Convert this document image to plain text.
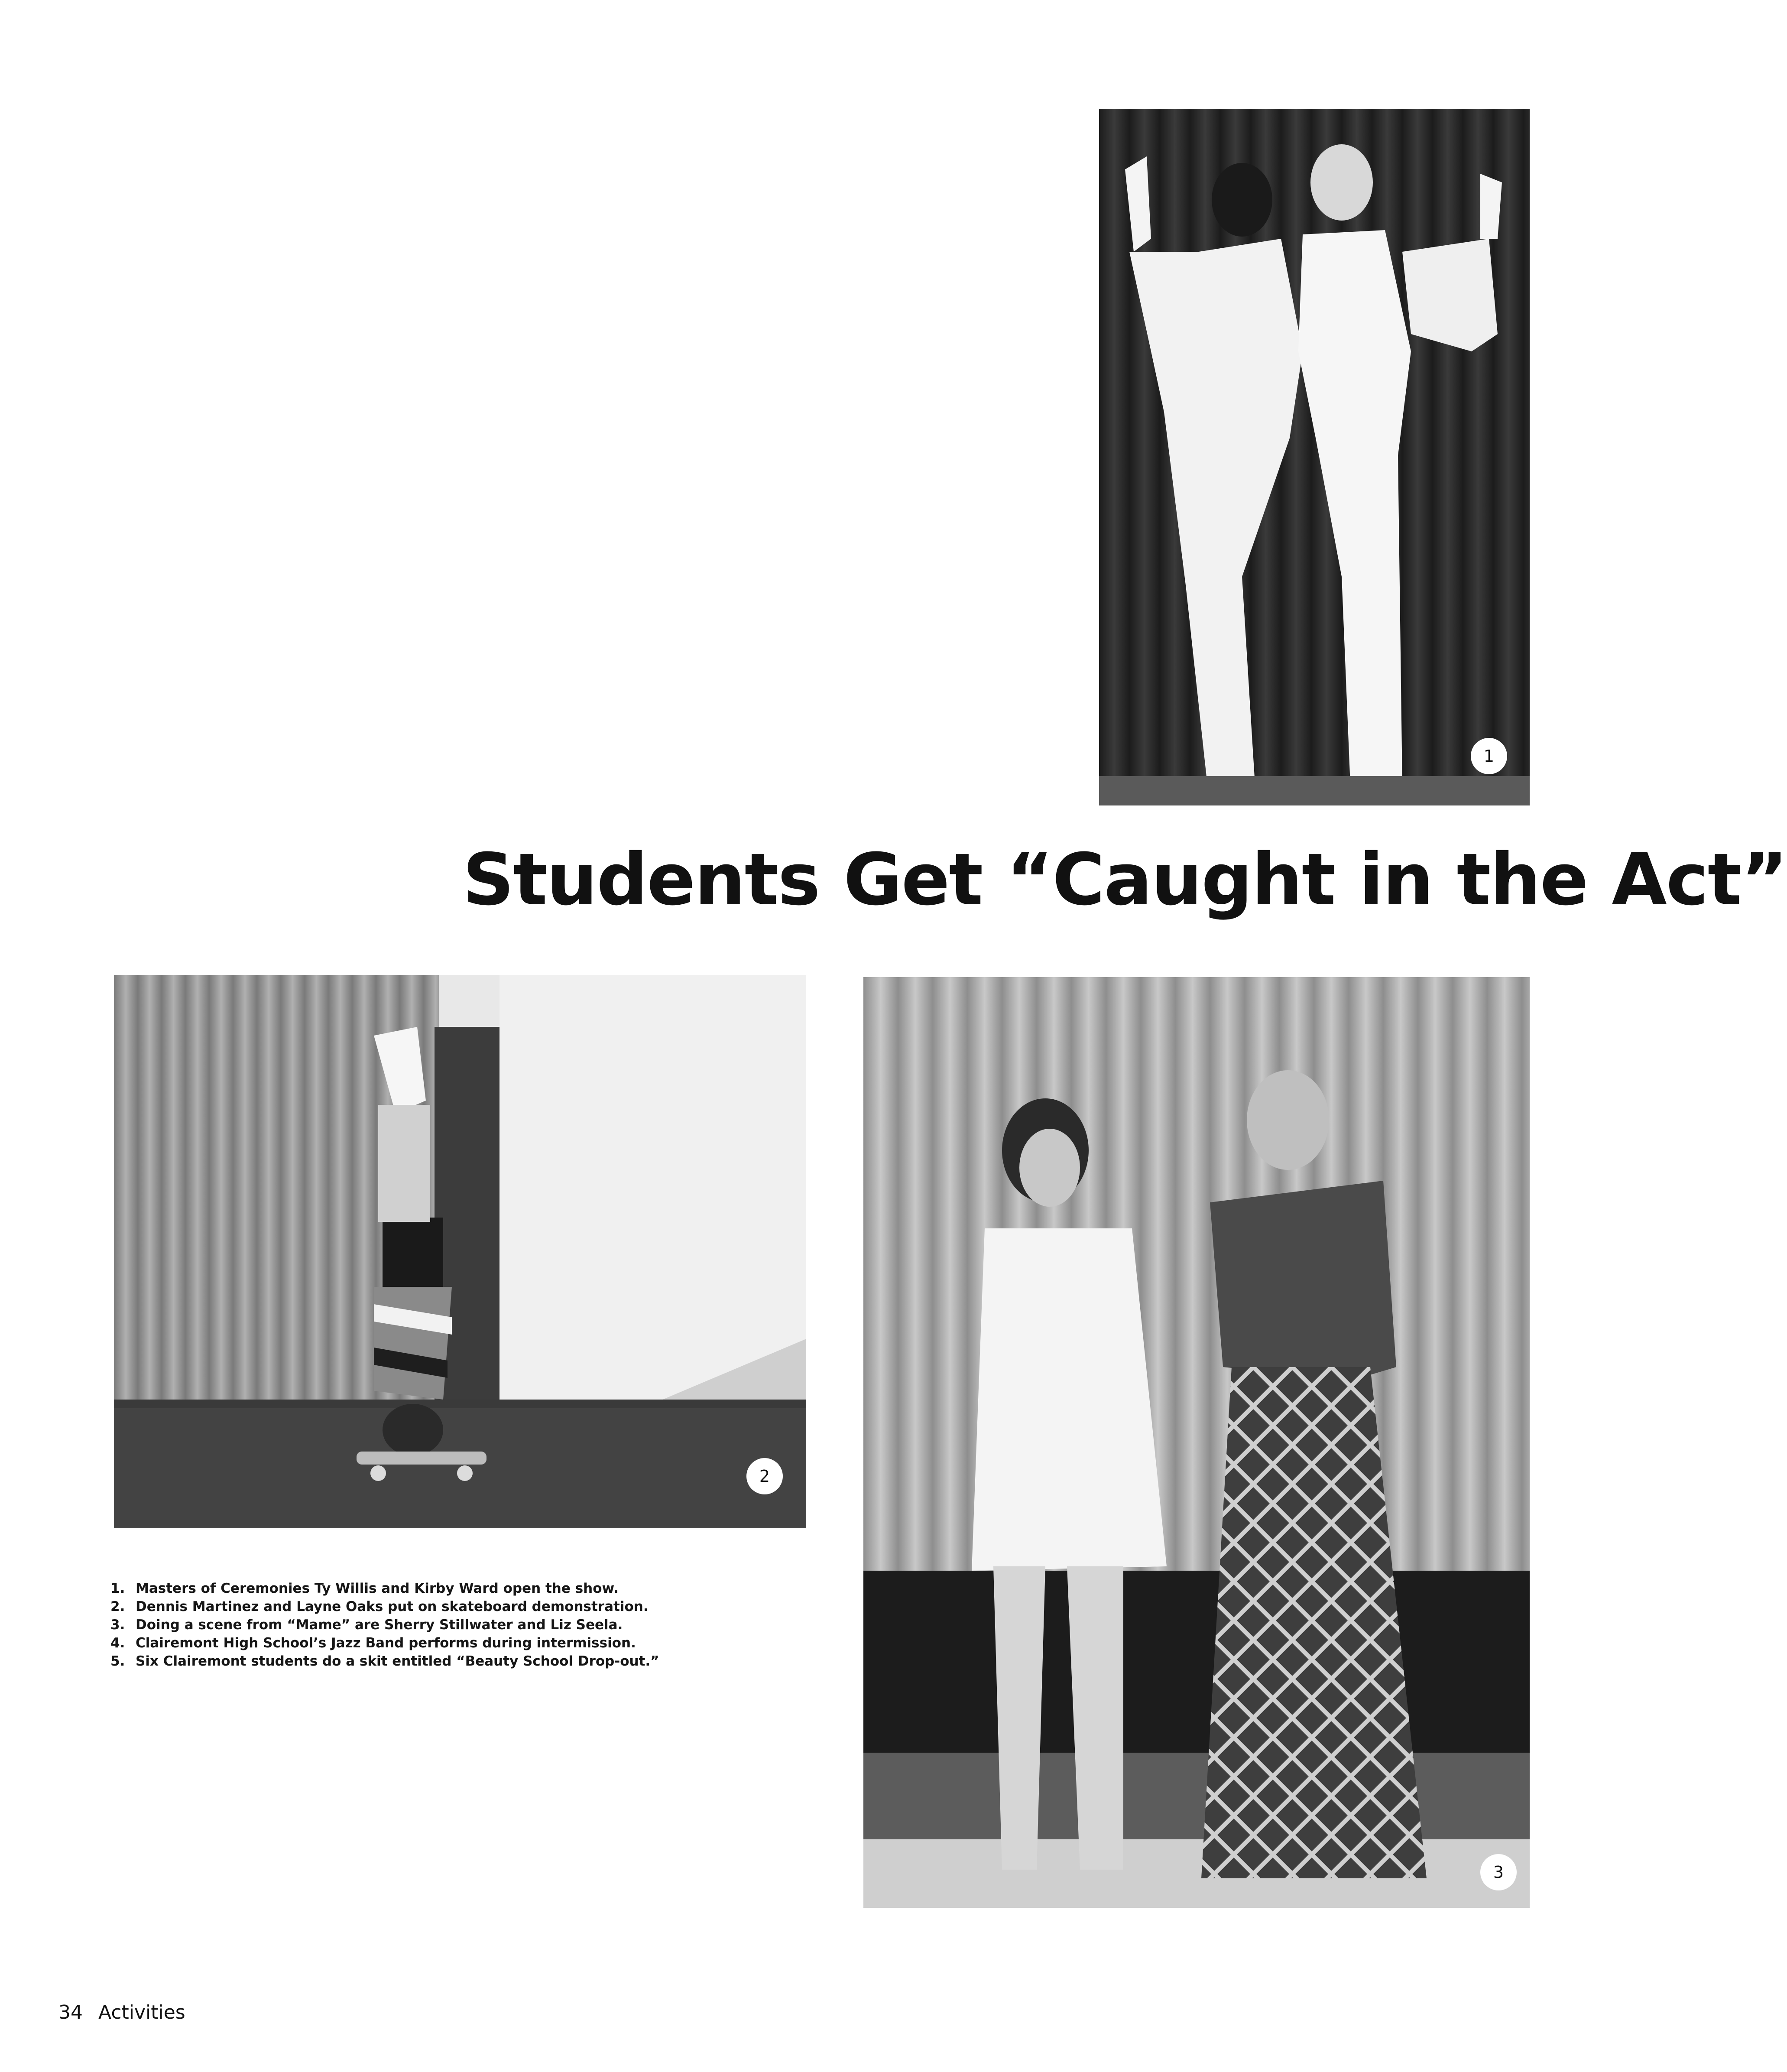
1
Students Get “Caught in the Act”
2
3
1. Masters of Ceremonies Ty Willis and Kirby Ward open the show.
2. Dennis Martinez and Layne Oaks put on skateboard demonstration.
3. Doing a scene from “Mame” are Sherry Stillwater and Liz Seela.
4. Clairemont High School’s Jazz Band performs during intermission.
5. Six Clairemont students do a skit entitled “Beauty School Drop-out.”
34 Activities
